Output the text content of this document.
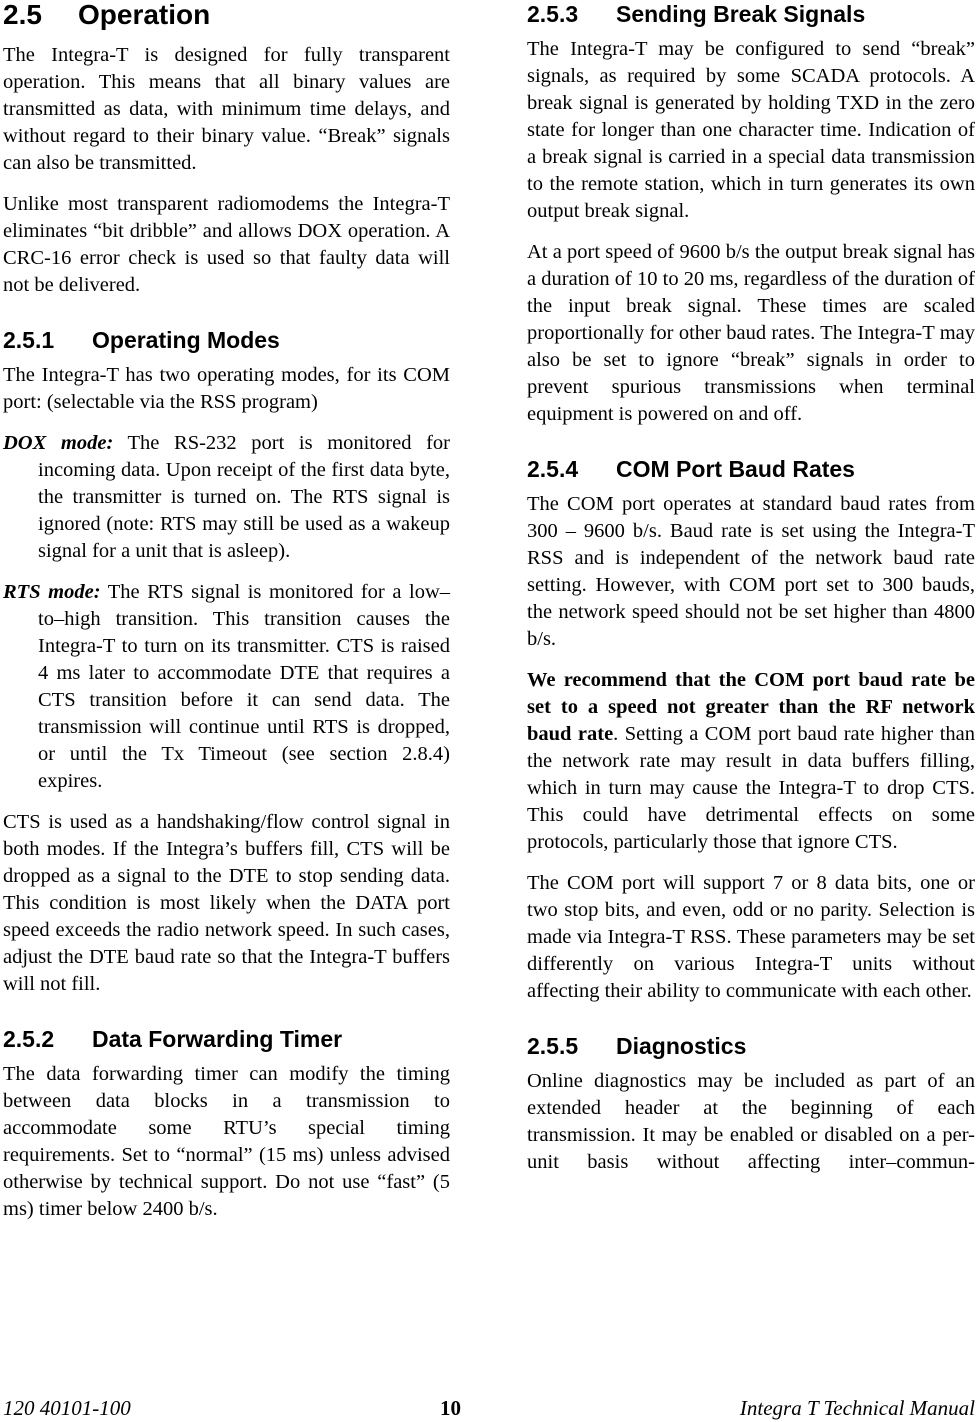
2.5 Operation

The Integra-T is designed for fully transparent operation. This means that all binary values are transmitted as data, with minimum time delays, and without regard to their binary value. “Break” signals can also be transmitted.

Unlike most transparent radiomodems the Integra-T eliminates “bit dribble” and allows DOX operation. A CRC-16 error check is used so that faulty data will not be delivered.

2.5.1 Operating Modes

The Integra-T has two operating modes, for its COM port: (selectable via the RSS program)

DOX mode: The RS-232 port is monitored for incoming data. Upon receipt of the first data byte, the transmitter is turned on. The RTS signal is ignored (note: RTS may still be used as a wakeup signal for a unit that is asleep).
RTS mode: The RTS signal is monitored for a low–to–high transition. This transition causes the Integra-T to turn on its transmitter. CTS is raised 4 ms later to accommodate DTE that requires a CTS transition before it can send data. The transmission will continue until RTS is dropped, or until the Tx Timeout (see section 2.8.4) expires.

CTS is used as a handshaking/flow control signal in both modes. If the Integra’s buffers fill, CTS will be dropped as a signal to the DTE to stop sending data. This condition is most likely when the DATA port speed exceeds the radio network speed. In such cases, adjust the DTE baud rate so that the Integra-T buffers will not fill.

2.5.2 Data Forwarding Timer

The data forwarding timer can modify the timing between data blocks in a transmission to accommodate some RTU’s special timing requirements. Set to “normal” (15 ms) unless advised otherwise by technical support. Do not use “fast” (5 ms) timer below 2400 b/s.

2.5.3 Sending Break Signals

The Integra-T may be configured to send “break” signals, as required by some SCADA protocols. A break signal is generated by holding TXD in the zero state for longer than one character time. Indication of a break signal is carried in a special data transmission to the remote station, which in turn generates its own output break signal.

At a port speed of 9600 b/s the output break signal has a duration of 10 to 20 ms, regardless of the duration of the input break signal. These times are scaled proportionally for other baud rates. The Integra-T may also be set to ignore “break” signals in order to prevent spurious transmissions when terminal equipment is powered on and off.

2.5.4 COM Port Baud Rates

The COM port operates at standard baud rates from 300 – 9600 b/s. Baud rate is set using the Integra-T RSS and is independent of the network baud rate setting. However, with COM port set to 300 bauds, the network speed should not be set higher than 4800 b/s.

We recommend that the COM port baud rate be set to a speed not greater than the RF network baud rate. Setting a COM port baud rate higher than the network rate may result in data buffers filling, which in turn may cause the Integra-T to drop CTS. This could have detrimental effects on some protocols, particularly those that ignore CTS.

The COM port will support 7 or 8 data bits, one or two stop bits, and even, odd or no parity. Selection is made via Integra-T RSS. These parameters may be set differently on various Integra-T units without affecting their ability to communicate with each other.

2.5.5 Diagnostics

Online diagnostics may be included as part of an extended header at the beginning of each transmission. It may be enabled or disabled on a per-unit basis without affecting inter–commun-

120 40101-100	10	Integra T Technical Manual
